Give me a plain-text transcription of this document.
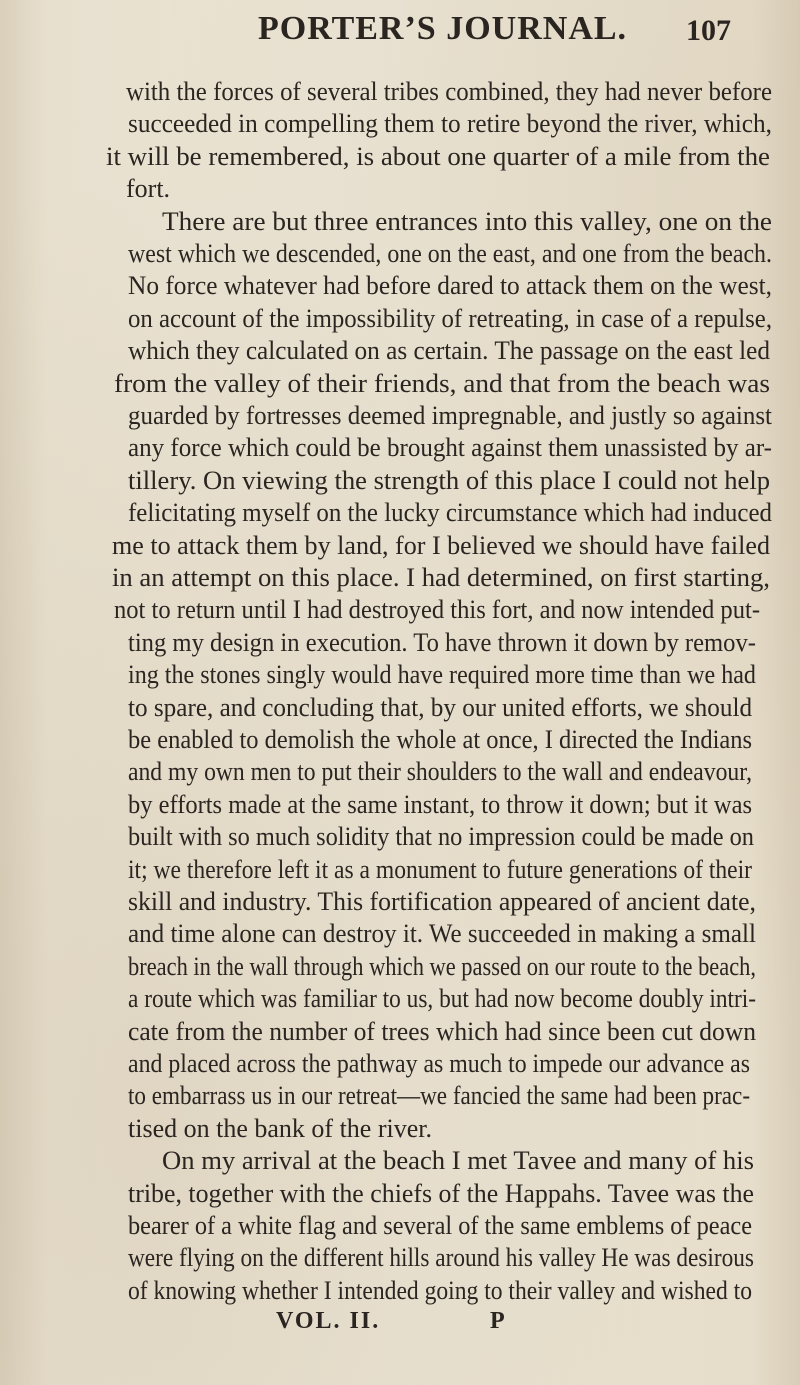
PORTER’S JOURNAL. 107
with the forces of several tribes combined, they had never before
succeeded in compelling them to retire beyond the river, which,
it will be remembered, is about one quarter of a mile from the
fort.
There are but three entrances into this valley, one on the
west which we descended, one on the east, and one from the beach.
No force whatever had before dared to attack them on the west,
on account of the impossibility of retreating, in case of a repulse,
which they calculated on as certain. The passage on the east led
from the valley of their friends, and that from the beach was
guarded by fortresses deemed impregnable, and justly so against
any force which could be brought against them unassisted by ar-
tillery. On viewing the strength of this place I could not help
felicitating myself on the lucky circumstance which had induced
me to attack them by land, for I believed we should have failed
in an attempt on this place. I had determined, on first starting,
not to return until I had destroyed this fort, and now intended put-
ting my design in execution. To have thrown it down by remov-
ing the stones singly would have required more time than we had
to spare, and concluding that, by our united efforts, we should
be enabled to demolish the whole at once, I directed the Indians
and my own men to put their shoulders to the wall and endeavour,
by efforts made at the same instant, to throw it down; but it was
built with so much solidity that no impression could be made on
it; we therefore left it as a monument to future generations of their
skill and industry. This fortification appeared of ancient date,
and time alone can destroy it. We succeeded in making a small
breach in the wall through which we passed on our route to the beach,
a route which was familiar to us, but had now become doubly intri-
cate from the number of trees which had since been cut down
and placed across the pathway as much to impede our advance as
to embarrass us in our retreat—we fancied the same had been prac-
tised on the bank of the river.
On my arrival at the beach I met Tavee and many of his
tribe, together with the chiefs of the Happahs. Tavee was the
bearer of a white flag and several of the same emblems of peace
were flying on the different hills around his valley He was desirous
of knowing whether I intended going to their valley and wished to
VOL. II.	P
